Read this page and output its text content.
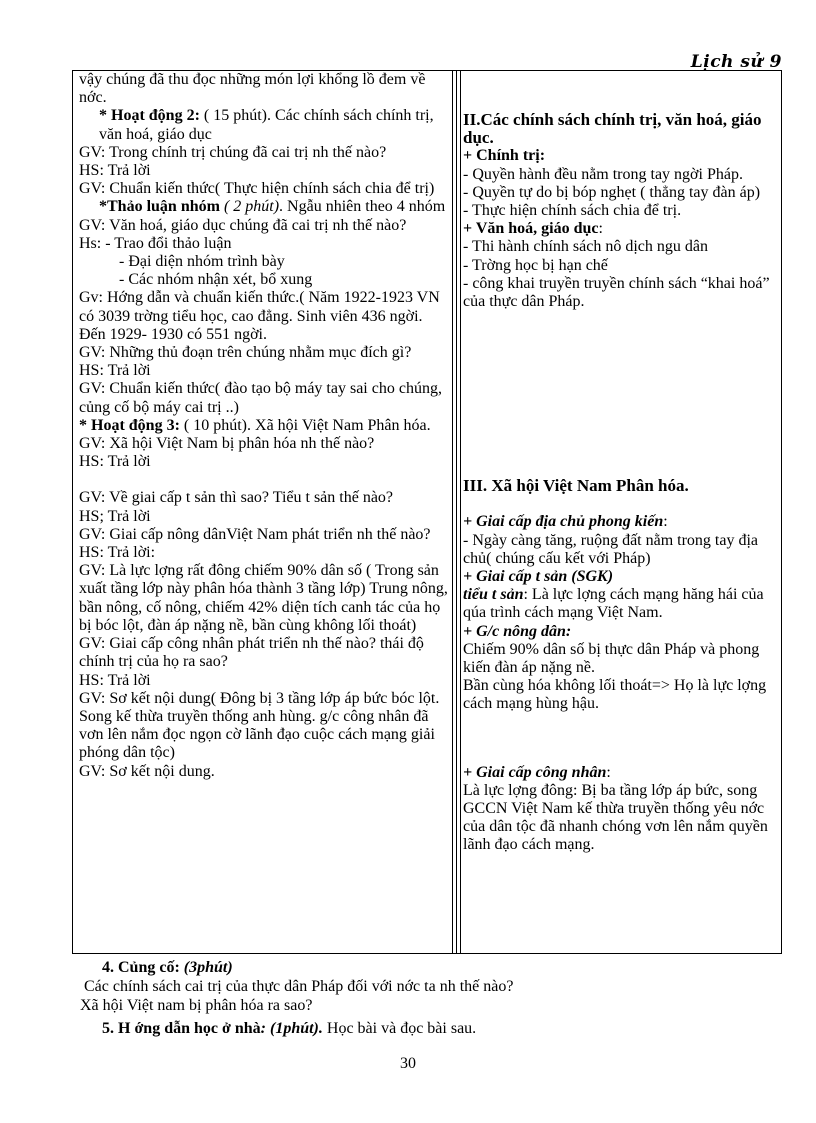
Lịch sử 9
vậy chúng đã thu đọc những món lợi khổng lồ đem về nớc.
* Hoạt động 2: ( 15 phút). Các chính sách chính trị, văn hoá, giáo dục
GV: Trong chính trị chúng đã cai trị nh thế nào?
HS: Trả lời
GV: Chuẩn kiến thức( Thực hiện chính sách chia để trị)
*Thảo luận nhóm ( 2 phút). Ngẫu nhiên theo 4 nhóm
GV: Văn hoá, giáo dục chúng đã cai trị nh thế nào?
Hs: - Trao đổi thảo luận
- Đại diện nhóm trình bày
- Các nhóm nhận xét, bổ xung
Gv: Hớng dẫn và chuẩn kiến thức.( Năm 1922-1923 VN có 3039 trờng tiểu học, cao đẳng. Sinh viên 436 ngời. Đến 1929- 1930 có 551 ngời.
GV: Những thủ đoạn trên chúng nhằm mục đích gì?
HS: Trả lời
GV: Chuẩn kiến thức( đào tạo bộ máy tay sai cho chúng, củng cố bộ máy cai trị ..)
* Hoạt động 3: ( 10 phút). Xã hội Việt Nam Phân hóa.
GV: Xã hội Việt Nam bị phân hóa nh thế nào?
HS: Trả lời
GV: Về giai cấp t sản thì sao? Tiểu t sản thế nào?
HS; Trả lời
GV: Giai cấp nông dânViệt Nam phát triển nh thế nào?
HS: Trả lời:
GV: Là lực lợng rất đông chiếm 90% dân số ( Trong sản xuất tầng lớp này phân hóa thành 3 tầng lớp) Trung nông, bần nông, cố nông, chiếm 42% diện tích canh tác của họ bị bóc lột, đàn áp nặng nề, bần cùng không lối thoát)
GV: Giai cấp công nhân phát triển nh thế nào? thái độ chính trị của họ ra sao?
HS: Trả lời
GV: Sơ kết nội dung( Đông bị 3 tầng lớp áp bức bóc lột. Song kế thừa truyền thống anh hùng. g/c công nhân đã vơn lên nắm đọc ngọn cờ lãnh đạo cuộc cách mạng giải phóng dân tộc)
GV: Sơ kết nội dung.

II.Các chính sách chính trị, văn hoá, giáo dục.
+ Chính trị:
- Quyền hành đều nằm trong tay ngời Pháp.
- Quyền tự do bị bóp nghẹt ( thẳng tay đàn áp)
- Thực hiện chính sách chia để trị.
+ Văn hoá, giáo dục:
- Thi hành chính sách nô dịch ngu dân
- Trờng học bị hạn chế
- công khai truyền truyền chính sách “khai hoá” của thực dân Pháp.
III. Xã hội Việt Nam Phân hóa.
+ Giai cấp địa chủ phong kiến:
- Ngày càng tăng, ruộng đất nằm trong tay địa chủ( chúng cấu kết với Pháp)
+ Giai cấp t sản (SGK)
tiểu t sản: Là lực lợng cách mạng hăng hái của qúa trình cách mạng Việt Nam.
+ G/c nông dân:
Chiếm 90% dân số bị thực dân Pháp và phong kiến đàn áp nặng nề.
Bần cùng hóa không lối thoát=> Họ là lực lợng cách mạng hùng hậu.
+ Giai cấp công nhân:
Là lực lợng đông: Bị ba tầng lớp áp bức, song GCCN Việt Nam kế thừa truyền thống yêu nớc của dân tộc đã nhanh chóng vơn lên nắm quyền lãnh đạo cách mạng.
4. Củng cố: (3phút)
Các chính sách cai trị của thực dân Pháp đối với nớc ta nh thế nào?
Xã hội Việt nam bị phân hóa ra sao?
5. H ớng dẫn học ở nhà: (1phút). Học bài và đọc bài sau.
30
